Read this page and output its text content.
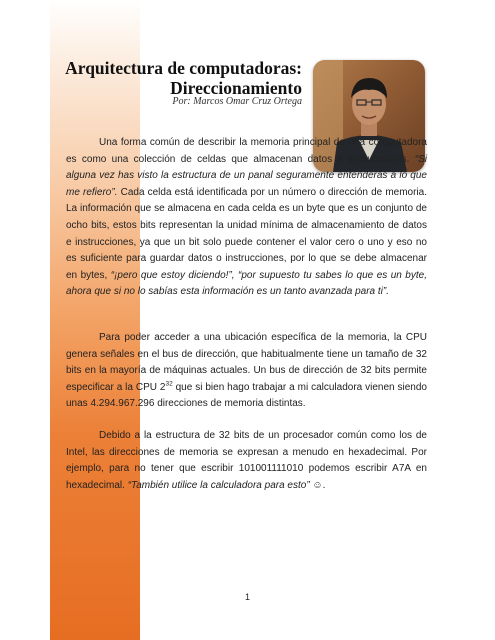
Arquitectura de computadoras:
Direccionamiento
Por: Marcos Omar Cruz Ortega
Una forma común de describir la memoria principal de una computadora es como una colección de celdas que almacenan datos e instrucciones. “Si alguna vez has visto la estructura de un panal seguramente entenderás a lo que me refiero”. Cada celda está identificada por un número o dirección de memoria. La información que se almacena en cada celda es un byte que es un conjunto de ocho bits, estos bits representan la unidad mínima de almacenamiento de datos e instrucciones, ya que un bit solo puede contener el valor cero o uno y eso no es suficiente para guardar datos o instrucciones, por lo que se debe almacenar en bytes, “¡pero que estoy diciendo!”, “por supuesto tu sabes lo que es un byte, ahora que si no lo sabías esta información es un tanto avanzada para ti”.
Para poder acceder a una ubicación específica de la memoria, la CPU genera señales en el bus de dirección, que habitualmente tiene un tamaño de 32 bits en la mayoría de máquinas actuales. Un bus de dirección de 32 bits permite especificar a la CPU $2^{32}$ que si bien hago trabajar a mi calculadora vienen siendo unas 4.294.967.296 direcciones de memoria distintas.
Debido a la estructura de 32 bits de un procesador común como los de Intel, las direcciones de memoria se expresan a menudo en hexadecimal. Por ejemplo, para no tener que escribir 101001111010 podemos escribir A7A en hexadecimal. “También utilice la calculadora para esto” ☺.
1
